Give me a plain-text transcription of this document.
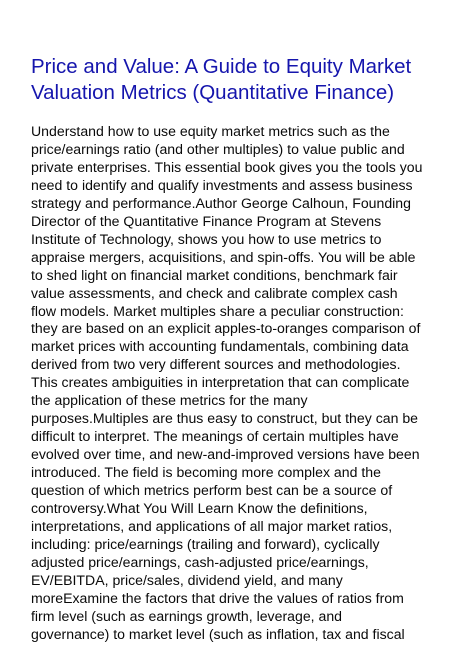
Price and Value: A Guide to Equity Market
Valuation Metrics (Quantitative Finance)
Understand how to use equity market metrics such as the
price/earnings ratio (and other multiples) to value public and
private enterprises. This essential book gives you the tools you
need to identify and qualify investments and assess business
strategy and performance.Author George Calhoun, Founding
Director of the Quantitative Finance Program at Stevens
Institute of Technology, shows you how to use metrics to
appraise mergers, acquisitions, and spin-offs. You will be able
to shed light on financial market conditions, benchmark fair
value assessments, and check and calibrate complex cash
flow models. Market multiples share a peculiar construction:
they are based on an explicit apples-to-oranges comparison of
market prices with accounting fundamentals, combining data
derived from two very different sources and methodologies.
This creates ambiguities in interpretation that can complicate
the application of these metrics for the many
purposes.Multiples are thus easy to construct, but they can be
difficult to interpret. The meanings of certain multiples have
evolved over time, and new-and-improved versions have been
introduced. The field is becoming more complex and the
question of which metrics perform best can be a source of
controversy.What You Will Learn Know the definitions,
interpretations, and applications of all major market ratios,
including: price/earnings (trailing and forward), cyclically
adjusted price/earnings, cash-adjusted price/earnings,
EV/EBITDA, price/sales, dividend yield, and many
moreExamine the factors that drive the values of ratios from
firm level (such as earnings growth, leverage, and
governance) to market level (such as inflation, tax and fiscal
